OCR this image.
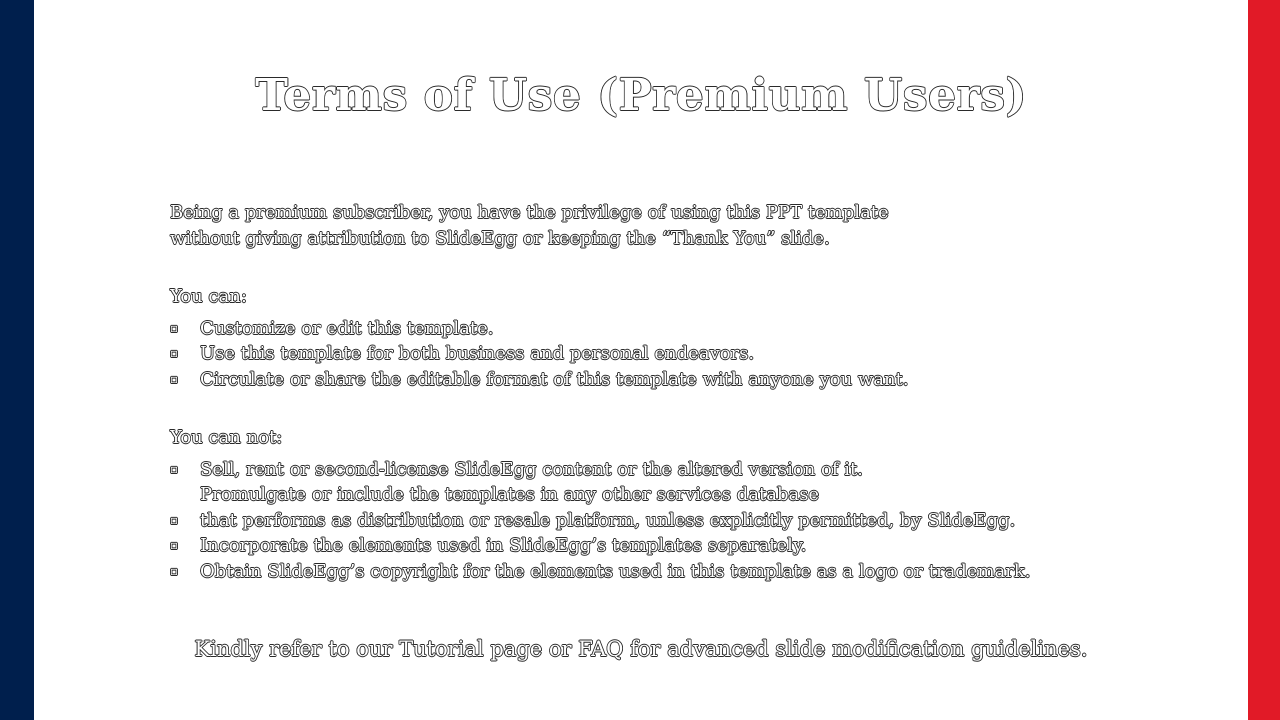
Terms of Use (Premium Users)

Being a premium subscriber, you have the privilege of using this PPT template

without giving attribution to SlideEgg or keeping the “Thank You” slide.

You can:

▫ Customize or edit this template.
▫ Use this template for both business and personal endeavors.
▫ Circulate or share the editable format of this template with anyone you want.

You can not:

▫ Sell, rent or second-license SlideEgg content or the altered version of it.
Promulgate or include the templates in any other services database
▫ that performs as distribution or resale platform, unless explicitly permitted, by SlideEgg.
▫ Incorporate the elements used in SlideEgg’s templates separately.
▫ Obtain SlideEgg’s copyright for the elements used in this template as a logo or trademark.

Kindly refer to our Tutorial page or FAQ for advanced slide modification guidelines.
